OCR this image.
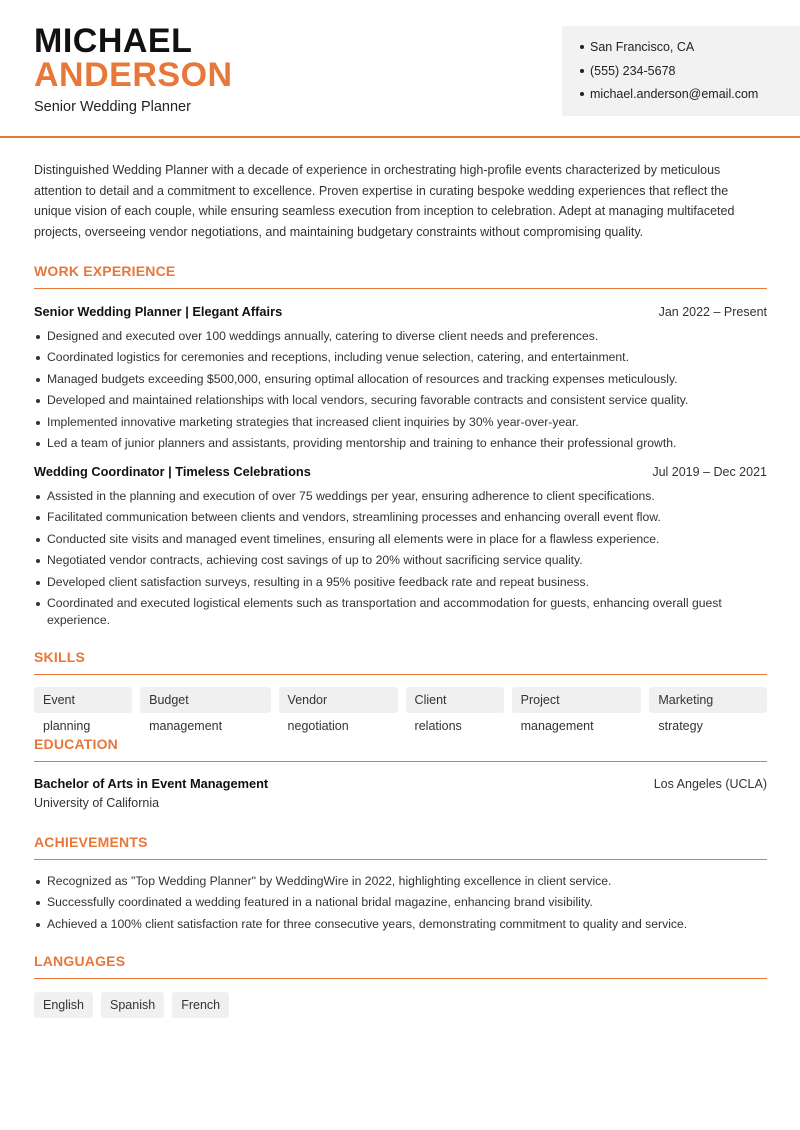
MICHAEL
ANDERSON
Senior Wedding Planner
San Francisco, CA
(555) 234-5678
michael.anderson@email.com

Distinguished Wedding Planner with a decade of experience in orchestrating high-profile events characterized by meticulous attention to detail and a commitment to excellence. Proven expertise in curating bespoke wedding experiences that reflect the unique vision of each couple, while ensuring seamless execution from inception to celebration. Adept at managing multifaceted projects, overseeing vendor negotiations, and maintaining budgetary constraints without compromising quality.

WORK EXPERIENCE
Senior Wedding Planner | Elegant Affairs	Jan 2022 – Present
Designed and executed over 100 weddings annually, catering to diverse client needs and preferences.
Coordinated logistics for ceremonies and receptions, including venue selection, catering, and entertainment.
Managed budgets exceeding $500,000, ensuring optimal allocation of resources and tracking expenses meticulously.
Developed and maintained relationships with local vendors, securing favorable contracts and consistent service quality.
Implemented innovative marketing strategies that increased client inquiries by 30% year-over-year.
Led a team of junior planners and assistants, providing mentorship and training to enhance their professional growth.
Wedding Coordinator | Timeless Celebrations	Jul 2019 – Dec 2021
Assisted in the planning and execution of over 75 weddings per year, ensuring adherence to client specifications.
Facilitated communication between clients and vendors, streamlining processes and enhancing overall event flow.
Conducted site visits and managed event timelines, ensuring all elements were in place for a flawless experience.
Negotiated vendor contracts, achieving cost savings of up to 20% without sacrificing service quality.
Developed client satisfaction surveys, resulting in a 95% positive feedback rate and repeat business.
Coordinated and executed logistical elements such as transportation and accommodation for guests, enhancing overall guest experience.
SKILLS
Event planning
Budget management
Vendor negotiation
Client relations
Project management
Marketing strategy
EDUCATION
Bachelor of Arts in Event Management	Los Angeles (UCLA)
University of California
ACHIEVEMENTS
Recognized as "Top Wedding Planner" by WeddingWire in 2022, highlighting excellence in client service.
Successfully coordinated a wedding featured in a national bridal magazine, enhancing brand visibility.
Achieved a 100% client satisfaction rate for three consecutive years, demonstrating commitment to quality and service.
LANGUAGES
English	Spanish	French
